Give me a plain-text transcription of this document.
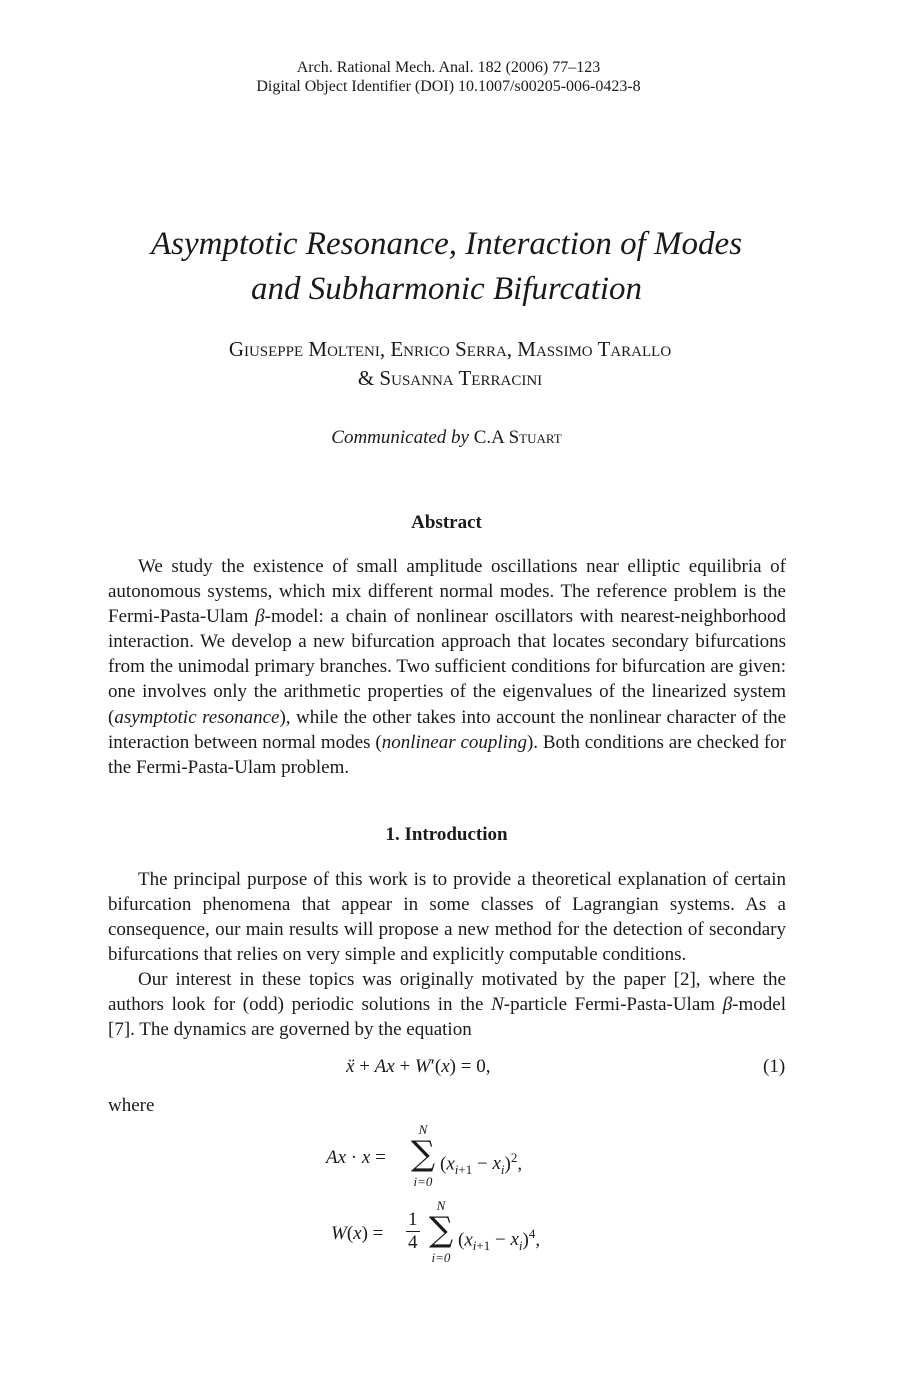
Arch. Rational Mech. Anal. 182 (2006) 77–123
Digital Object Identifier (DOI) 10.1007/s00205-006-0423-8
Asymptotic Resonance, Interaction of Modes
and Subharmonic Bifurcation
Giuseppe Molteni, Enrico Serra, Massimo Tarallo
& Susanna Terracini
Communicated by C.A Stuart
Abstract
We study the existence of small amplitude oscillations near elliptic equilibria of autonomous systems, which mix different normal modes. The reference problem is the Fermi-Pasta-Ulam β-model: a chain of nonlinear oscillators with nearest-neighborhood interaction. We develop a new bifurcation approach that locates secondary bifurcations from the unimodal primary branches. Two sufficient conditions for bifurcation are given: one involves only the arithmetic properties of the eigenvalues of the linearized system (asymptotic resonance), while the other takes into account the nonlinear character of the interaction between normal modes (nonlinear coupling). Both conditions are checked for the Fermi-Pasta-Ulam problem.
1. Introduction
The principal purpose of this work is to provide a theoretical explanation of certain bifurcation phenomena that appear in some classes of Lagrangian systems. As a consequence, our main results will propose a new method for the detection of secondary bifurcations that relies on very simple and explicitly computable conditions.
Our interest in these topics was originally motivated by the paper [2], where the authors look for (odd) periodic solutions in the N-particle Fermi-Pasta-Ulam β-model [7]. The dynamics are governed by the equation
ẍ + Ax + W′(x) = 0,	(1)
where
Ax · x =
N
∑
i=0
$(x_{i+1} - x_i)^2$,
$W(x) = \frac{1}{4}$
N
∑
i=0
$(x_{i+1} - x_i)^4$,
